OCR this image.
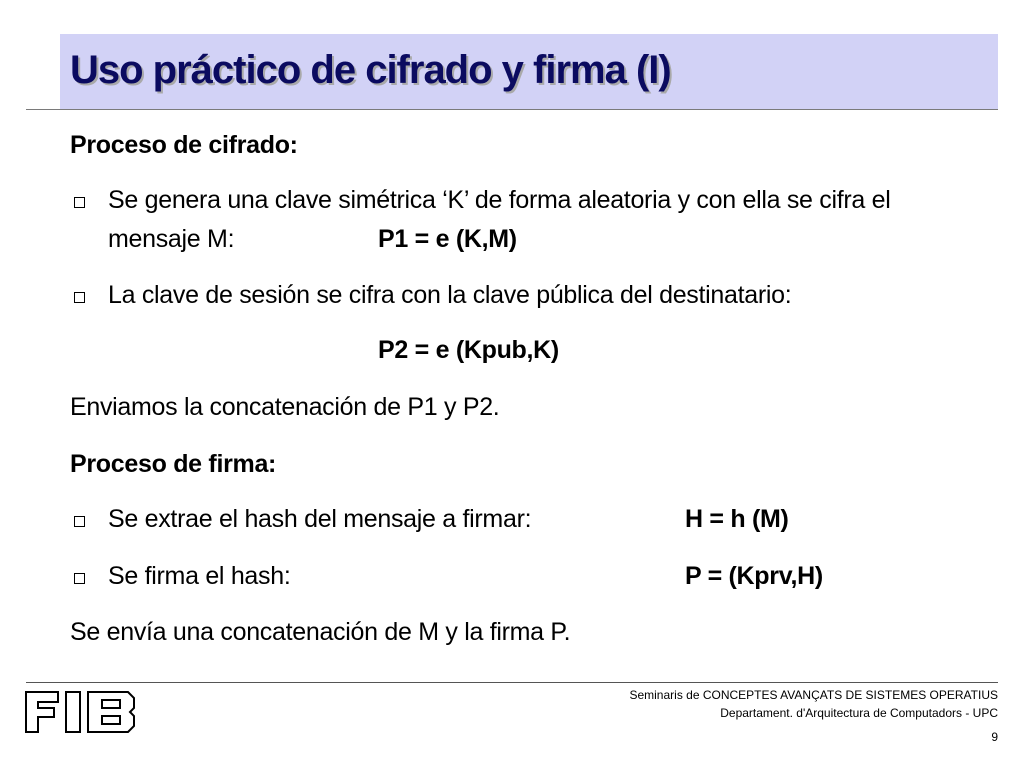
Uso práctico de cifrado y firma (I)
Proceso de cifrado:
Se genera una clave simétrica ‘K’ de forma aleatoria y con ella se cifra el
mensaje M:	P1 = e (K,M)
La clave de sesión se cifra con la clave pública del destinatario:
P2 = e (Kpub,K)
Enviamos la concatenación de P1 y P2.
Proceso de firma:
Se extrae el hash del mensaje a firmar:	H = h (M)
Se firma el hash:	P = (Kprv,H)
Se envía una concatenación de M y la firma P.
Seminaris de CONCEPTES AVANÇATS DE SISTEMES OPERATIUS
Departament. d'Arquitectura de Computadors - UPC
9
